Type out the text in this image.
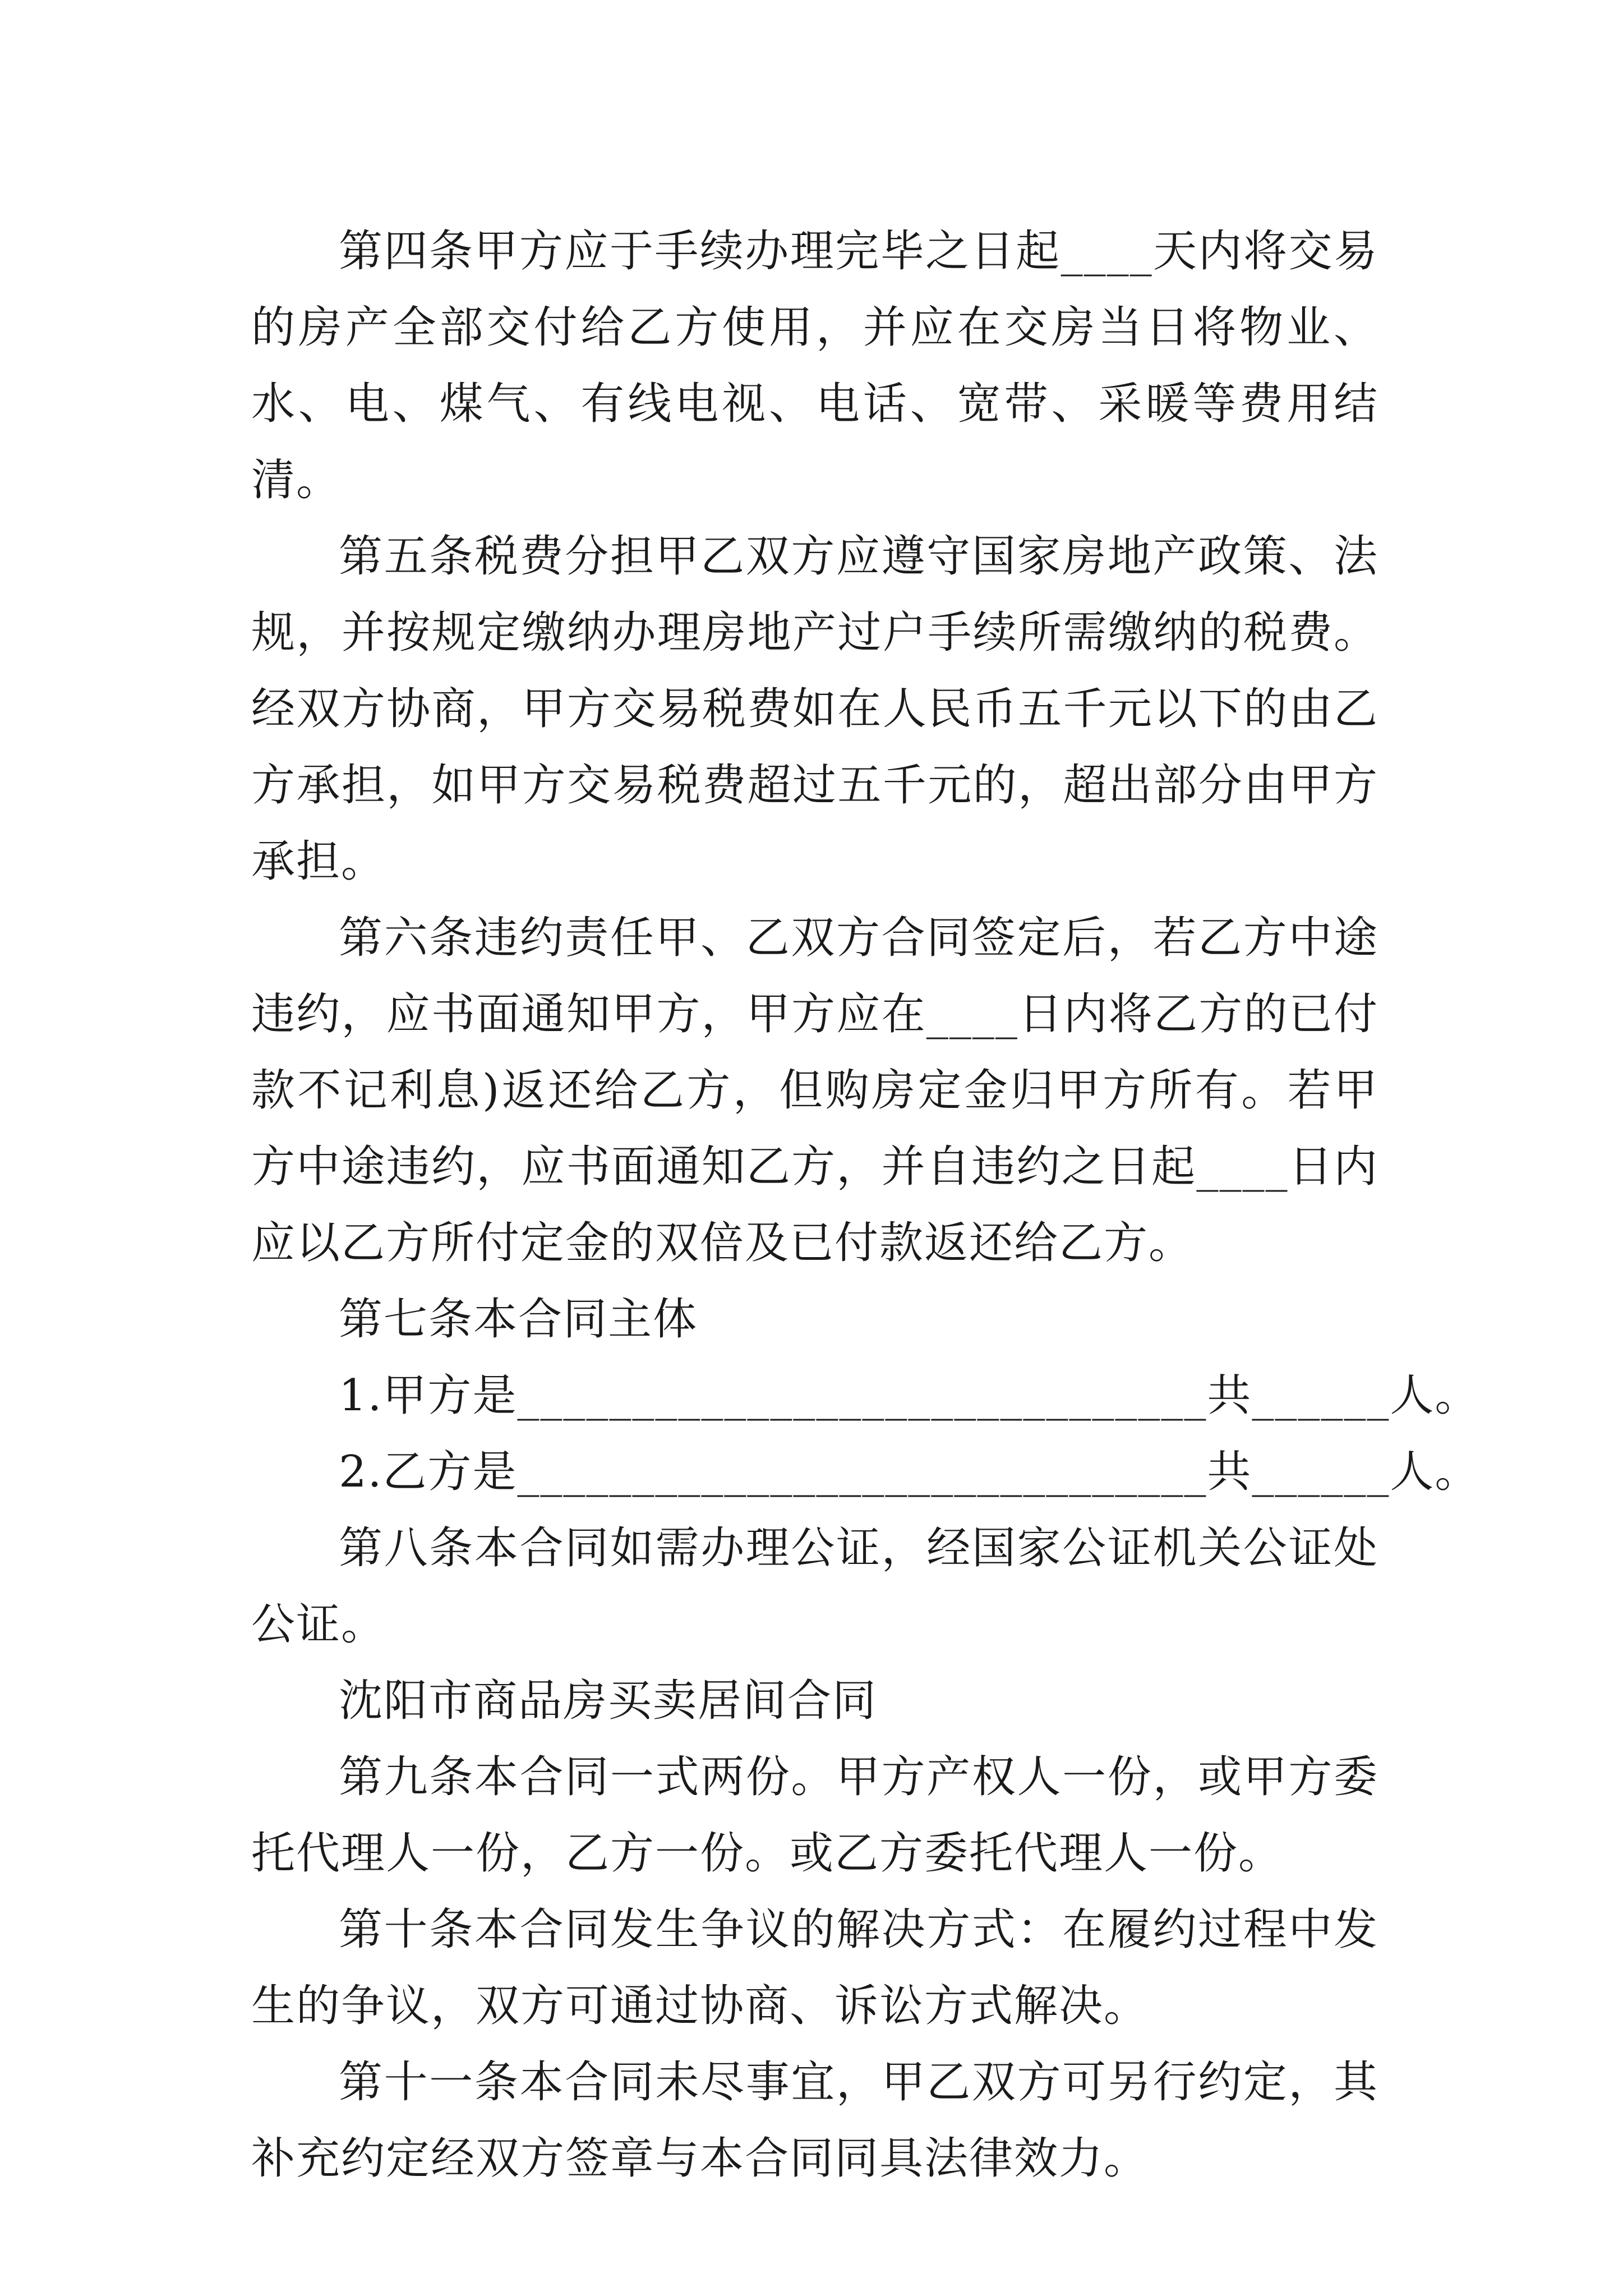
第四条甲方应于手续办理完毕之日起____天内将交易的房产全部交付给乙方使用，并应在交房当日将物业、水、电、煤气、有线电视、电话、宽带、采暖等费用结清。

第五条税费分担甲乙双方应遵守国家房地产政策、法规，并按规定缴纳办理房地产过户手续所需缴纳的税费。经双方协商，甲方交易税费如在人民币五千元以下的由乙方承担，如甲方交易税费超过五千元的，超出部分由甲方承担。

第六条违约责任甲、乙双方合同签定后，若乙方中途违约，应书面通知甲方，甲方应在____日内将乙方的已付款不记利息)返还给乙方，但购房定金归甲方所有。若甲方中途违约，应书面通知乙方，并自违约之日起____日内应以乙方所付定金的双倍及已付款返还给乙方。

第七条本合同主体

1.甲方是______________________________共______人。

2.乙方是______________________________共______人。

第八条本合同如需办理公证，经国家公证机关公证处公证。

沈阳市商品房买卖居间合同

第九条本合同一式两份。甲方产权人一份，或甲方委托代理人一份，乙方一份。或乙方委托代理人一份。

第十条本合同发生争议的解决方式：在履约过程中发生的争议，双方可通过协商、诉讼方式解决。

第十一条本合同未尽事宜，甲乙双方可另行约定，其补充约定经双方签章与本合同同具法律效力。
